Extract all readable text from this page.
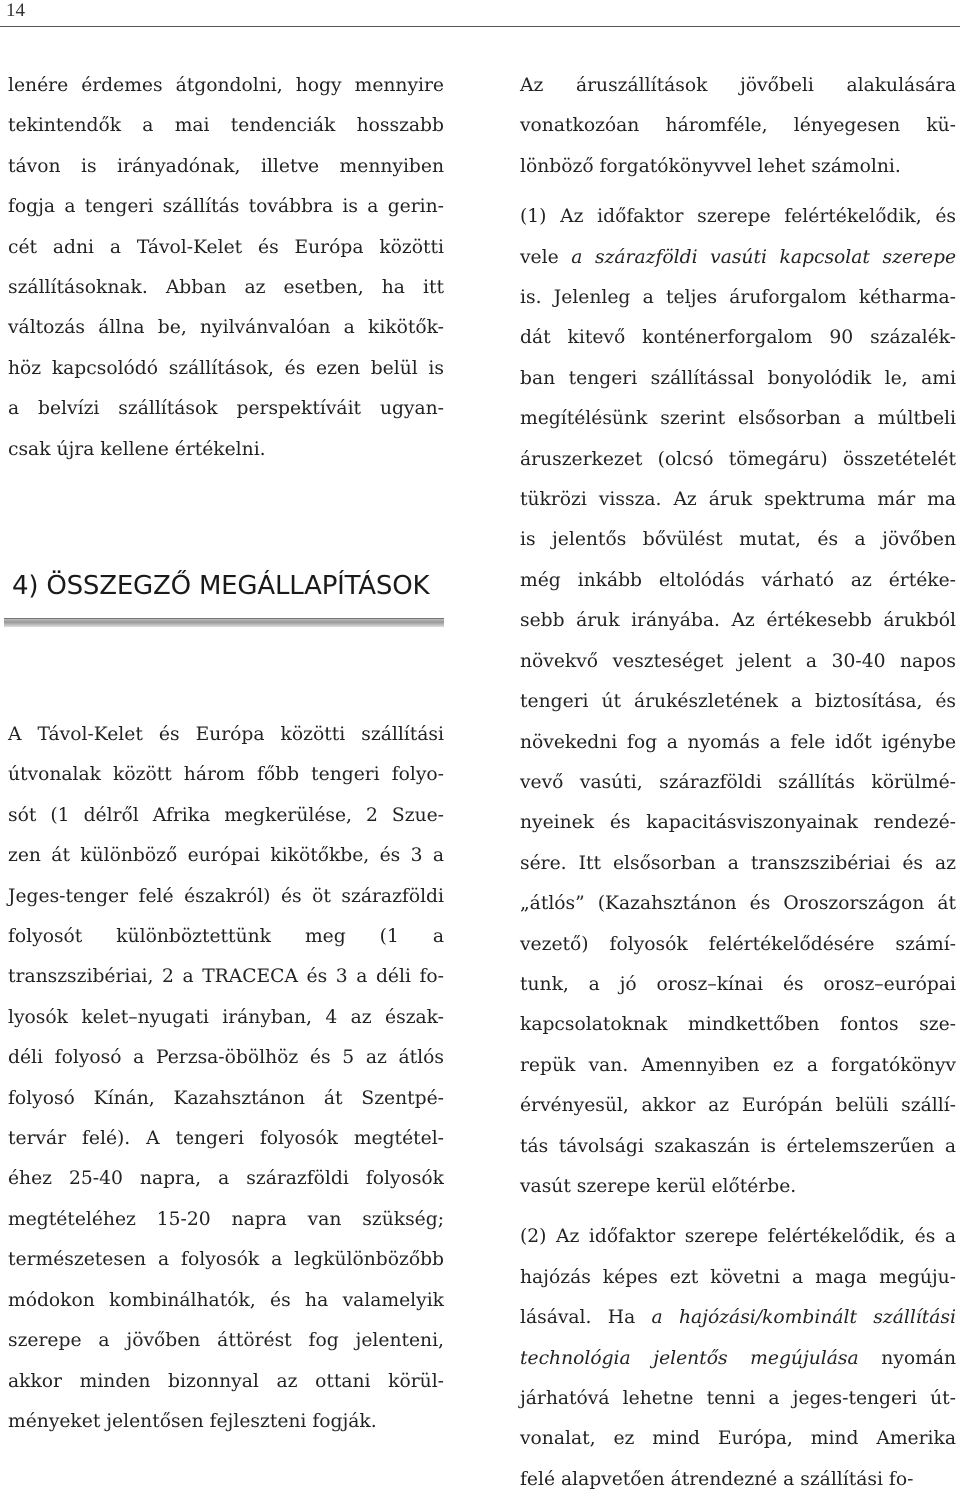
14
lenére érdemes átgondolni, hogy mennyire
tekintendők a mai tendenciák hosszabb
távon is irányadónak, illetve mennyiben
fogja a tengeri szállítás továbbra is a gerin-
cét adni a Távol-Kelet és Európa közötti
szállításoknak. Abban az esetben, ha itt
változás állna be, nyilvánvalóan a kikötők-
höz kapcsolódó szállítások, és ezen belül is
a belvízi szállítások perspektíváit ugyan-
csak újra kellene értékelni.
4) ÖSSZEGZŐ MEGÁLLAPÍTÁSOK
A Távol-Kelet és Európa közötti szállítási
útvonalak között három főbb tengeri folyo-
sót (1 délről Afrika megkerülése, 2 Szue-
zen át különböző európai kikötőkbe, és 3 a
Jeges-tenger felé északról) és öt szárazföldi
folyosót különböztettünk meg (1 a
transzszibériai, 2 a TRACECA és 3 a déli fo-
lyosók kelet–nyugati irányban, 4 az észak-
déli folyosó a Perzsa-öbölhöz és 5 az átlós
folyosó Kínán, Kazahsztánon át Szentpé-
tervár felé). A tengeri folyosók megtétel-
éhez 25-40 napra, a szárazföldi folyosók
megtételéhez 15-20 napra van szükség;
természetesen a folyosók a legkülönbözőbb
módokon kombinálhatók, és ha valamelyik
szerepe a jövőben áttörést fog jelenteni,
akkor minden bizonnyal az ottani körül-
ményeket jelentősen fejleszteni fogják.

Az áruszállítások jövőbeli alakulására
vonatkozóan háromféle, lényegesen kü-
lönböző forgatókönyvvel lehet számolni.

(1) Az időfaktor szerepe felértékelődik, és
vele a szárazföldi vasúti kapcsolat szerepe
is. Jelenleg a teljes áruforgalom kétharma-
dát kitevő konténerforgalom 90 százalék-
ban tengeri szállítással bonyolódik le, ami
megítélésünk szerint elsősorban a múltbeli
áruszerkezet (olcsó tömegáru) összetételét
tükrözi vissza. Az áruk spektruma már ma
is jelentős bővülést mutat, és a jövőben
még inkább eltolódás várható az értéke-
sebb áruk irányába. Az értékesebb árukból
növekvő veszteséget jelent a 30-40 napos
tengeri út árukészletének a biztosítása, és
növekedni fog a nyomás a fele időt igénybe
vevő vasúti, szárazföldi szállítás körülmé-
nyeinek és kapacitásviszonyainak rendezé-
sére. Itt elsősorban a transzszibériai és az
„átlós” (Kazahsztánon és Oroszországon át
vezető) folyosók felértékelődésére számí-
tunk, a jó orosz–kínai és orosz–európai
kapcsolatoknak mindkettőben fontos sze-
repük van. Amennyiben ez a forgatókönyv
érvényesül, akkor az Európán belüli szállí-
tás távolsági szakaszán is értelemszerűen a
vasút szerepe kerül előtérbe.

(2) Az időfaktor szerepe felértékelődik, és a
hajózás képes ezt követni a maga megúju-
lásával. Ha a hajózási/kombinált szállítási
technológia jelentős megújulása nyomán
járhatóvá lehetne tenni a jeges-tengeri út-
vonalat, ez mind Európa, mind Amerika
felé alapvetően átrendezné a szállítási fo-
